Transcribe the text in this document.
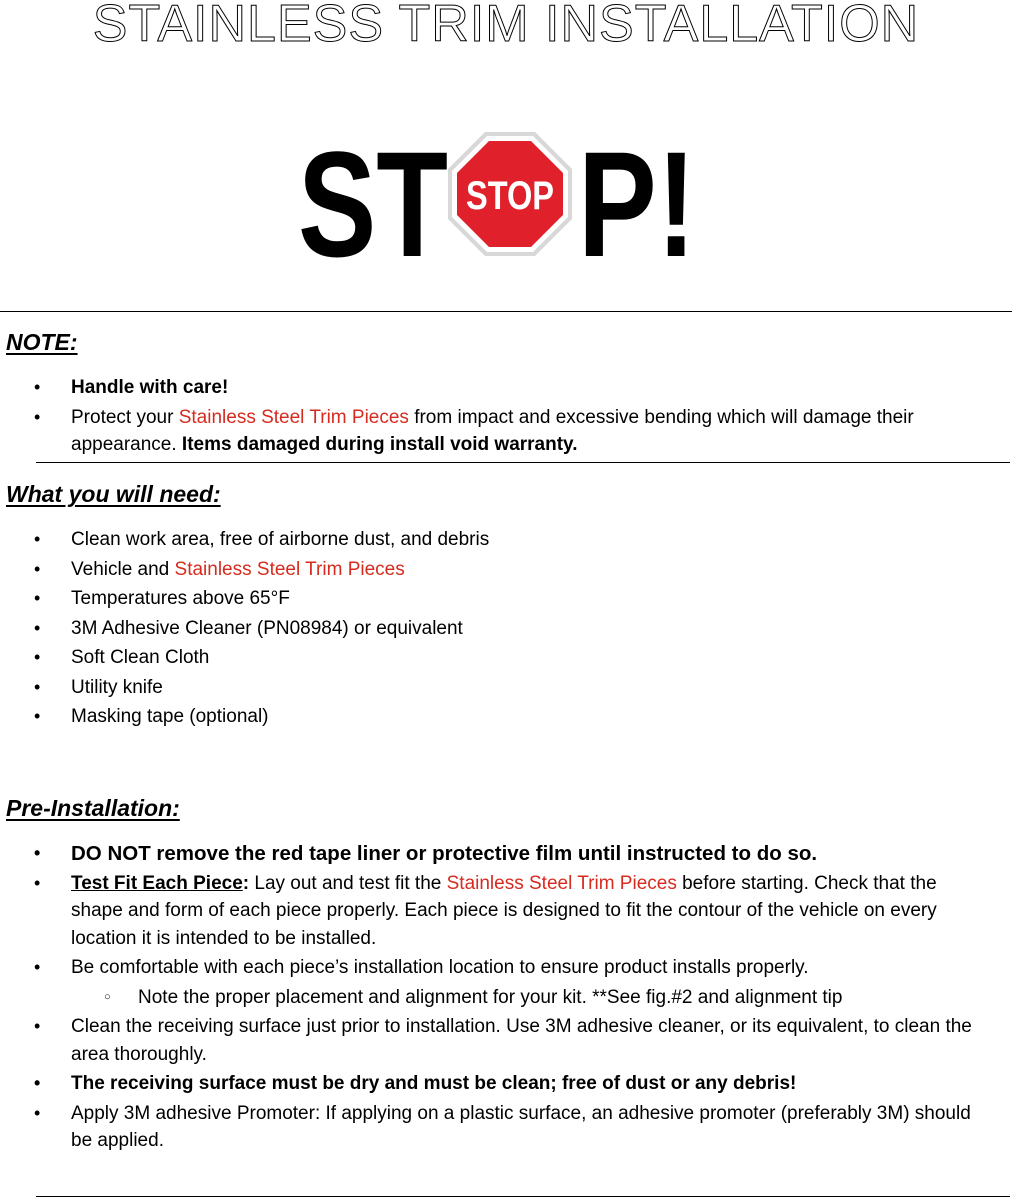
STAINLESS TRIM INSTALLATION
ST STOP P!
NOTE:
• Handle with care!
• Protect your Stainless Steel Trim Pieces from impact and excessive bending which will damage their appearance. Items damaged during install void warranty.
What you will need:
• Clean work area, free of airborne dust, and debris
• Vehicle and Stainless Steel Trim Pieces
• Temperatures above 65°F
• 3M Adhesive Cleaner (PN08984) or equivalent
• Soft Clean Cloth
• Utility knife
• Masking tape (optional)
Pre-Installation:
• DO NOT remove the red tape liner or protective film until instructed to do so.
• Test Fit Each Piece: Lay out and test fit the Stainless Steel Trim Pieces before starting. Check that the shape and form of each piece properly. Each piece is designed to fit the contour of the vehicle on every location it is intended to be installed.
• Be comfortable with each piece’s installation location to ensure product installs properly.
○ Note the proper placement and alignment for your kit. **See fig.#2 and alignment tip
• Clean the receiving surface just prior to installation. Use 3M adhesive cleaner, or its equivalent, to clean the area thoroughly.
• The receiving surface must be dry and must be clean; free of dust or any debris!
• Apply 3M adhesive Promoter: If applying on a plastic surface, an adhesive promoter (preferably 3M) should be applied.
